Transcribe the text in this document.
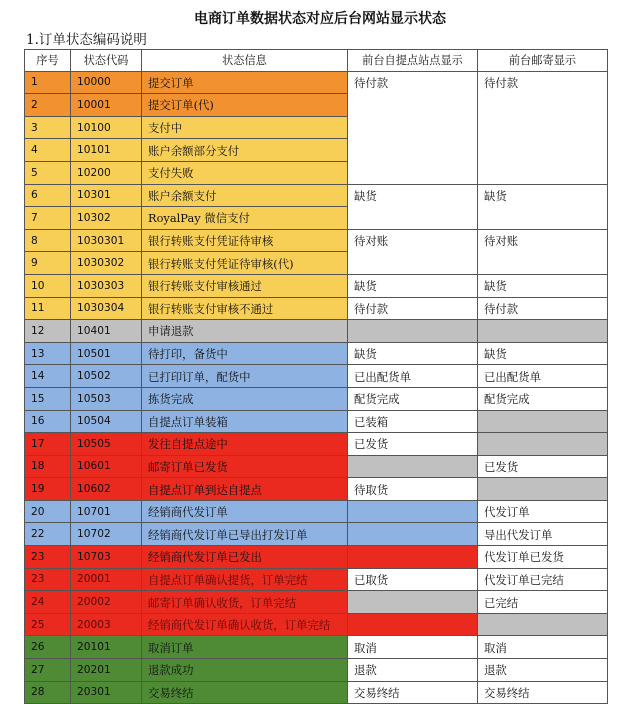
电商订单数据状态对应后台网站显示状态
1.订单状态编码说明
序号	状态代码	状态信息	前台自提点站点显示	前台邮寄显示
1	10000	提交订单	待付款	待付款
2	10001	提交订单(代)		
3	10100	支付中		
4	10101	账户余额部分支付		
5	10200	支付失败		
6	10301	账户余额支付	缺货	缺货
7	10302	RoyalPay 微信支付		
8	1030301	银行转账支付凭证待审核	待对账	待对账
9	1030302	银行转账支付凭证待审核(代)		
10	1030303	银行转账支付审核通过	缺货	缺货
11	1030304	银行转账支付审核不通过	待付款	待付款
12	10401	申请退款		
13	10501	待打印，备货中	缺货	缺货
14	10502	已打印订单，配货中	已出配货单	已出配货单
15	10503	拣货完成	配货完成	配货完成
16	10504	自提点订单装箱	已装箱	
17	10505	发往自提点途中	已发货	
18	10601	邮寄订单已发货		已发货
19	10602	自提点订单到达自提点	待取货	
20	10701	经销商代发订单		代发订单
22	10702	经销商代发订单已导出打发订单		导出代发订单
23	10703	经销商代发订单已发出		代发订单已发货
23	20001	自提点订单确认提货，订单完结	已取货	代发订单已完结
24	20002	邮寄订单确认收货，订单完结		已完结
25	20003	经销商代发订单确认收货，订单完结		
26	20101	取消订单	取消	取消
27	20201	退款成功	退款	退款
28	20301	交易终结	交易终结	交易终结
